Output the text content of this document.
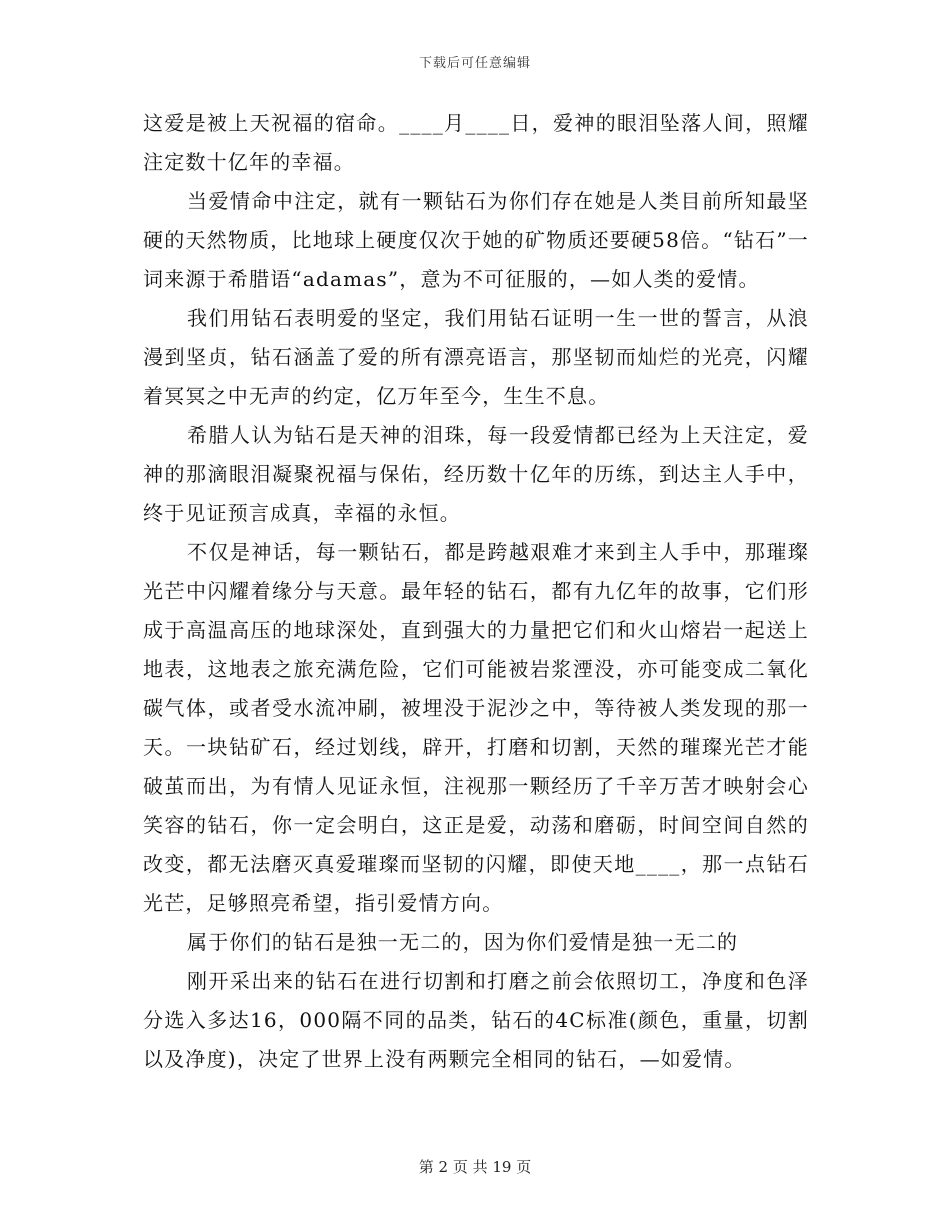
下载后可任意编辑

这爱是被上天祝福的宿命。____月____日，爱神的眼泪坠落人间，照耀注定数十亿年的幸福。

当爱情命中注定，就有一颗钻石为你们存在她是人类目前所知最坚硬的天然物质，比地球上硬度仅次于她的矿物质还要硬58倍。“钻石”一词来源于希腊语“adamas”，意为不可征服的，—如人类的爱情。

我们用钻石表明爱的坚定，我们用钻石证明一生一世的誓言，从浪漫到坚贞，钻石涵盖了爱的所有漂亮语言，那坚韧而灿烂的光亮，闪耀着冥冥之中无声的约定，亿万年至今，生生不息。

希腊人认为钻石是天神的泪珠，每一段爱情都已经为上天注定，爱神的那滴眼泪凝聚祝福与保佑，经历数十亿年的历练，到达主人手中，终于见证预言成真，幸福的永恒。

不仅是神话，每一颗钻石，都是跨越艰难才来到主人手中，那璀璨光芒中闪耀着缘分与天意。最年轻的钻石，都有九亿年的故事，它们形成于高温高压的地球深处，直到强大的力量把它们和火山熔岩一起送上地表，这地表之旅充满危险，它们可能被岩浆湮没，亦可能变成二氧化碳气体，或者受水流冲刷，被埋没于泥沙之中，等待被人类发现的那一天。一块钻矿石，经过划线，辟开，打磨和切割，天然的璀璨光芒才能破茧而出，为有情人见证永恒，注视那一颗经历了千辛万苦才映射会心笑容的钻石，你一定会明白，这正是爱，动荡和磨砺，时间空间自然的改变，都无法磨灭真爱璀璨而坚韧的闪耀，即使天地____，那一点钻石光芒，足够照亮希望，指引爱情方向。

属于你们的钻石是独一无二的，因为你们爱情是独一无二的

刚开采出来的钻石在进行切割和打磨之前会依照切工，净度和色泽分选入多达16，000隔不同的品类，钻石的4C标准(颜色，重量，切割以及净度)，决定了世界上没有两颗完全相同的钻石，—如爱情。

第 2 页 共 19 页
